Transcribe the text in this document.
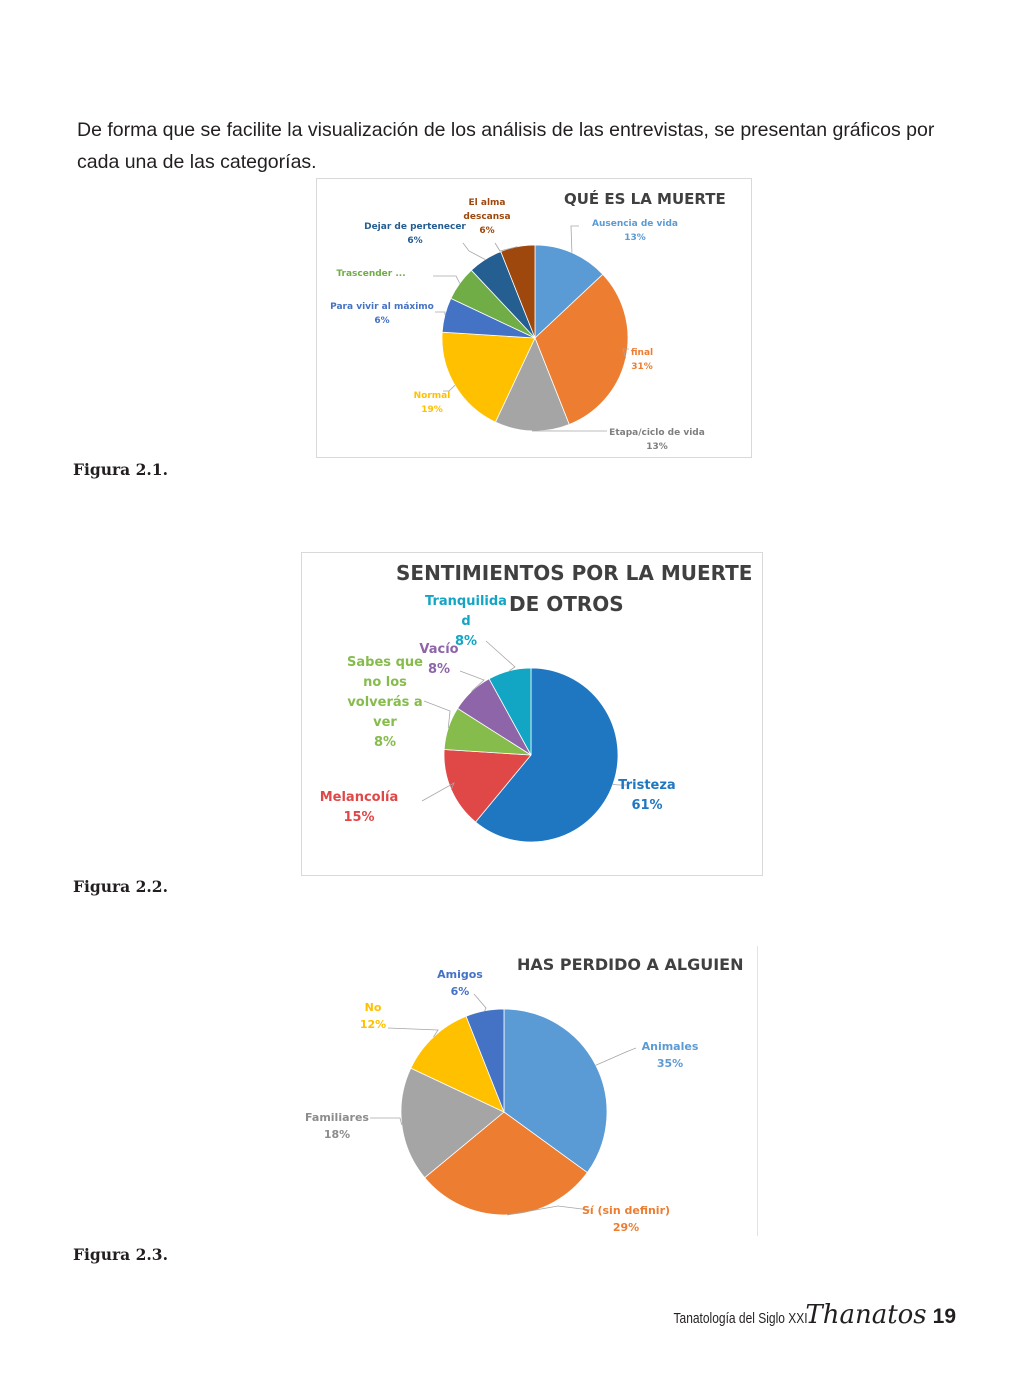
De forma que se facilite la visualización de los análisis de las entrevistas, se presentan gráficos por cada una de las categorías.

QUÉ ES LA MUERTE
Ausencia de vida
13%
final
31%
Etapa/ciclo de vida
13%
Normal
19%
Para vivir al máximo
6%
Trascender ...
Dejar de pertenecer
6%
El alma
descansa
6%
Figura 2.1.
SENTIMIENTOS POR LA MUERTE
DE OTROS
Tristeza
61%
Melancolía
15%
Sabes que
no los
volverás a
ver
8%
Vacío
8%
Tranquilida
d
8%
Figura 2.2.
HAS PERDIDO A ALGUIEN
Animales
35%
Sí (sin definir)
29%
Familiares
18%
No
12%
Amigos
6%
Figura 2.3.
Tanatología del Siglo XXI
Thanatos 19
